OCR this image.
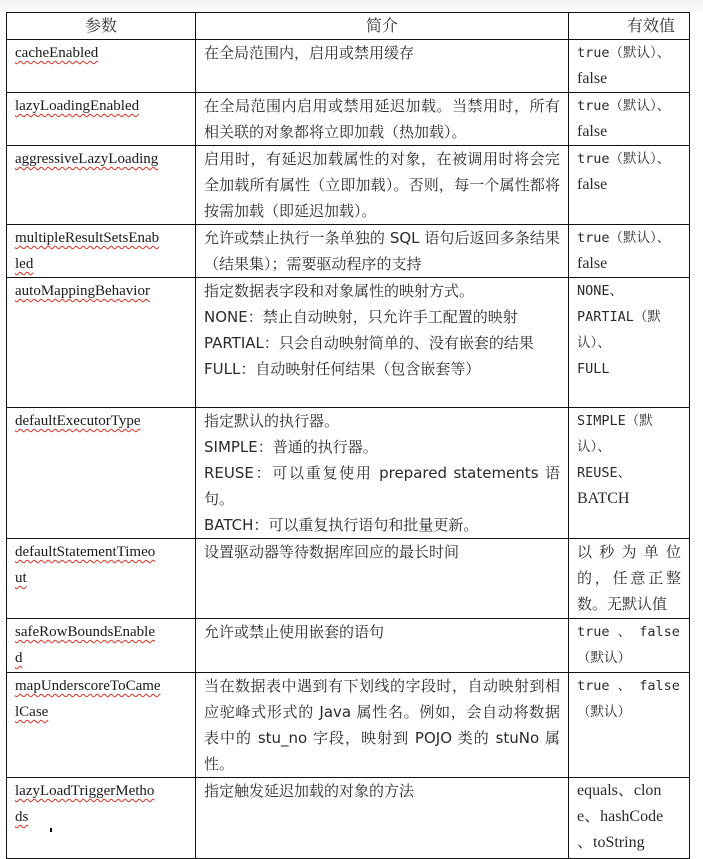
参数	简介	有效值
cacheEnabled	在全局范围内，启用或禁用缓存	true（默认）、
false

lazyLoadingEnabled	在全局范围内启用或禁用延迟加载。当禁用时，所有相关联的对象都将立即加载（热加载）。	true（默认）、
false

aggressiveLazyLoading	启用时，有延迟加载属性的对象，在被调用时将会完全加载所有属性（立即加载）。否则，每一个属性都将按需加载（即延迟加载）。	true（默认）、
false

multipleResultSetsEnab
led	允许或禁止执行一条单独的 SQL 语句后返回多条结果（结果集）；需要驱动程序的支持	true（默认）、
false

autoMappingBehavior	指定数据表字段和对象属性的映射方式。
NONE：禁止自动映射，只允许手工配置的映射
PARTIAL：只会自动映射简单的、没有嵌套的结果
FULL：自动映射任何结果（包含嵌套等）	NONE、
PARTIAL（默认）、
FULL

defaultExecutorType	指定默认的执行器。
SIMPLE：普通的执行器。
REUSE：可以重复使用 prepared statements 语句。
BATCH：可以重复执行语句和批量更新。	SIMPLE（默认）、
REUSE、
BATCH

defaultStatementTimeo
ut	设置驱动器等待数据库回应的最长时间	以秒为单位的，任意正整数。无默认值

safeRowBoundsEnable
d	允许或禁止使用嵌套的语句	true 、 false（默认）

mapUnderscoreToCame
lCase	当在数据表中遇到有下划线的字段时，自动映射到相应驼峰式形式的 Java 属性名。例如，会自动将数据表中的 stu_no 字段，映射到 POJO 类的 stuNo 属性。	true 、 false（默认）

lazyLoadTriggerMetho
ds	指定触发延迟加载的对象的方法	equals、clone、hashCode 、toString
